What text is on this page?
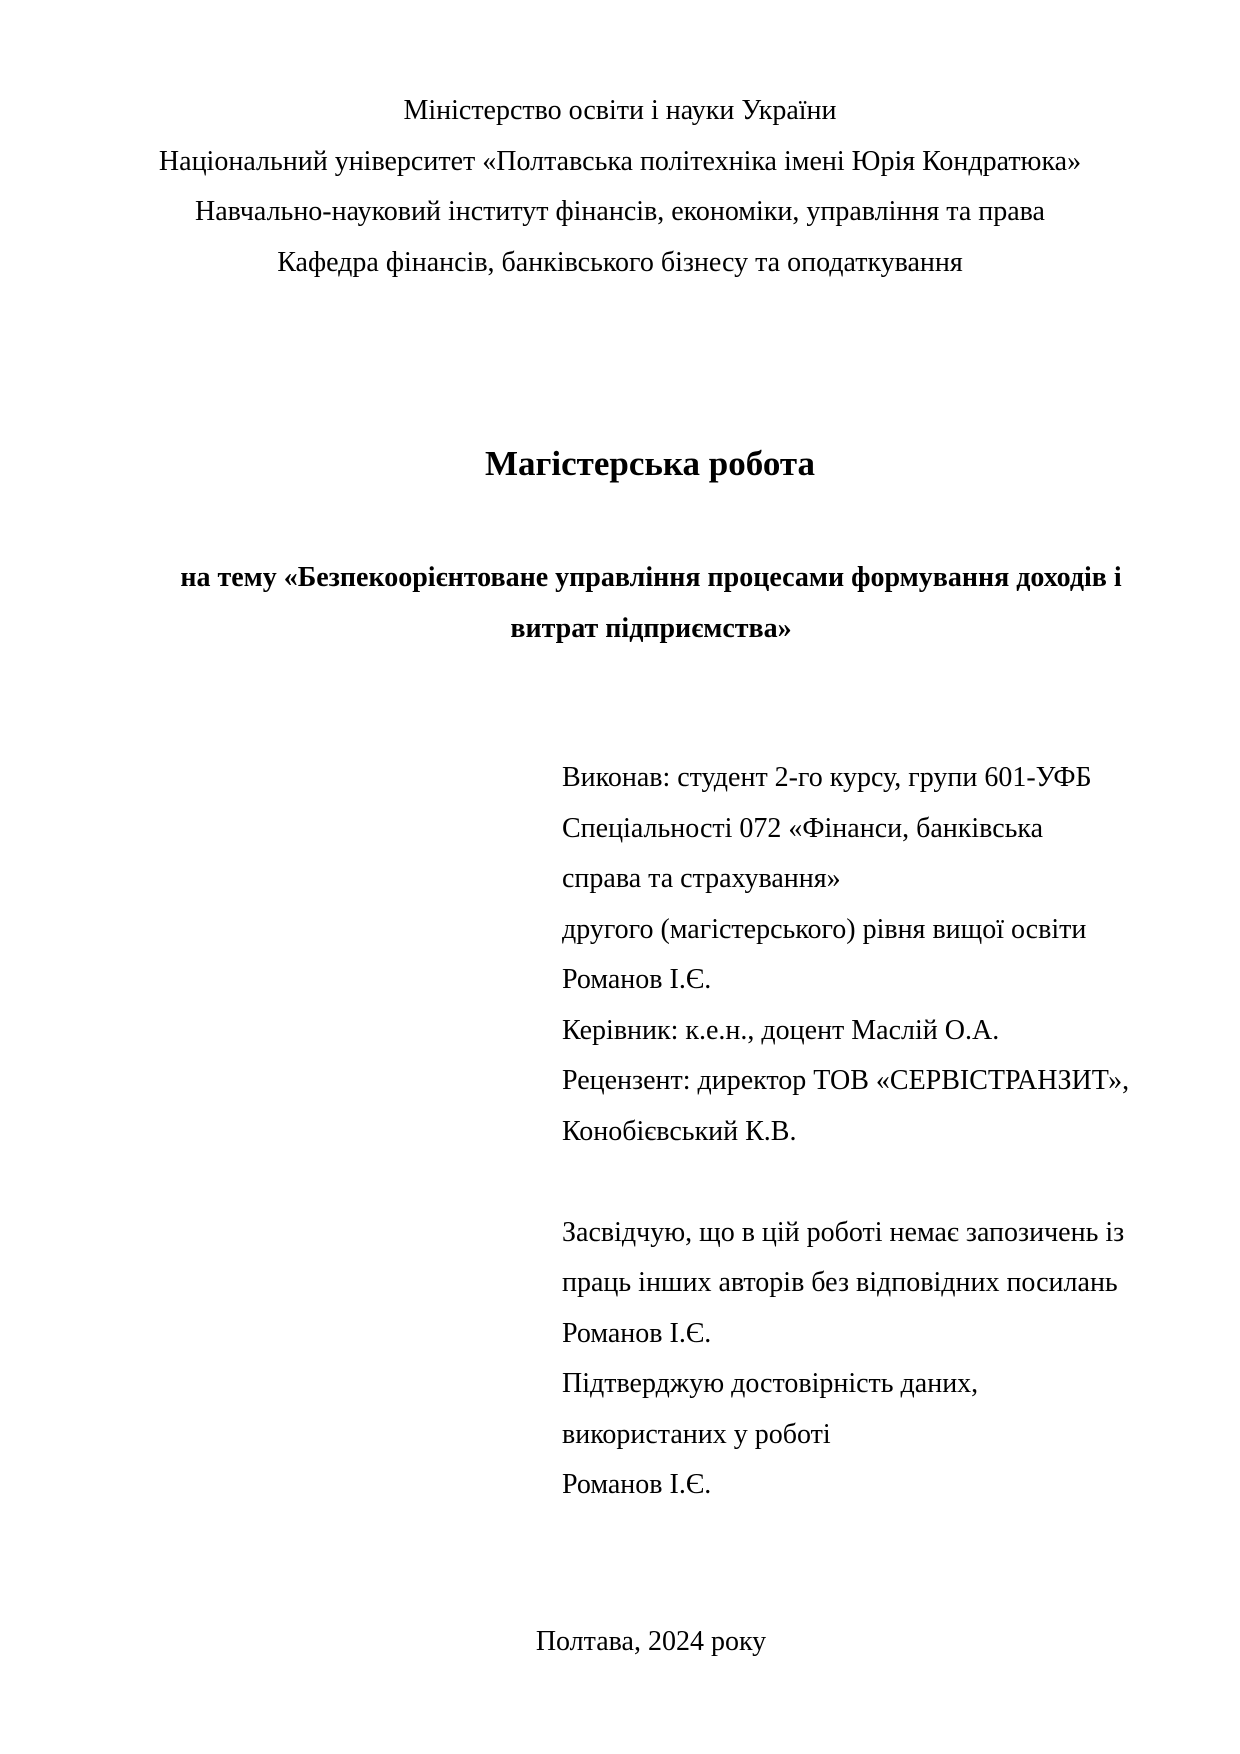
Міністерство освіти і науки України
Національний університет «Полтавська політехніка імені Юрія Кондратюка»
Навчально-науковий інститут фінансів, економіки, управління та права
Кафедра фінансів, банківського бізнесу та оподаткування
Магістерська робота
на тему «Безпекоорієнтоване управління процесами формування доходів і
витрат підприємства»
Виконав: студент 2-го курсу, групи 601-УФБ
Спеціальності 072 «Фінанси, банківська
справа та страхування»
другого (магістерського) рівня вищої освіти
Романов І.Є.
Керівник: к.е.н., доцент Маслій О.А.
Рецензент: директор ТОВ «СЕРВІСТРАНЗИТ»,
Конобієвський К.В.
Засвідчую, що в цій роботі немає запозичень із
праць інших авторів без відповідних посилань
Романов І.Є.
Підтверджую достовірність даних,
використаних у роботі
Романов І.Є.
Полтава, 2024 року
